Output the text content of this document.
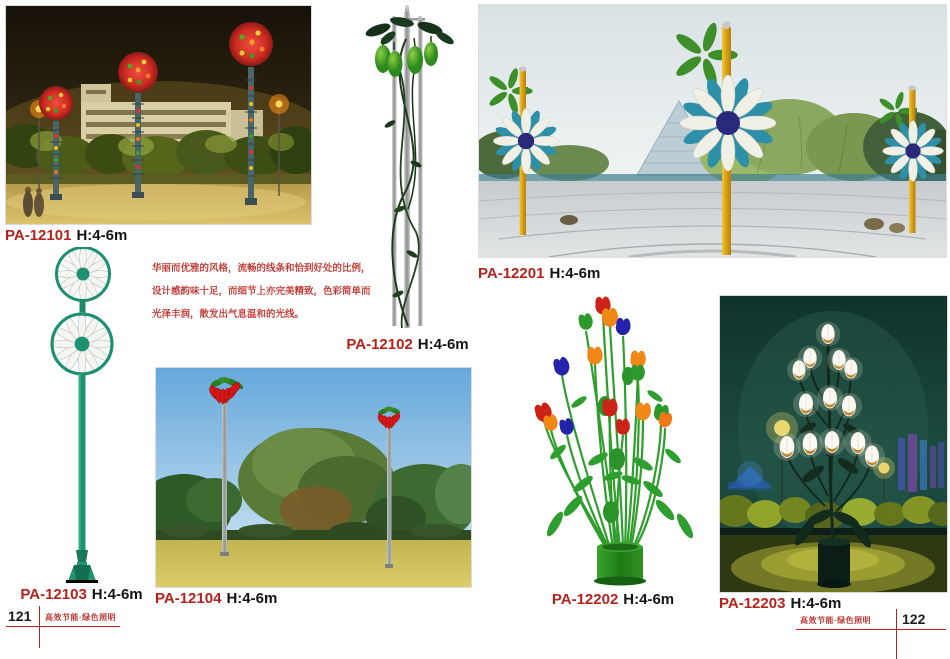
PA-12101 H:4-6m
PA-12102 H:4-6m
PA-12201 H:4-6m
华丽而优雅的风格，流畅的线条和恰到好处的比例，
设计感韵味十足，而细节上亦完美精致，色彩简单而
光泽丰润，散发出气息温和的光线。
PA-12103 H:4-6m PA-12104 H:4-6m	PA-12202 H:4-6m	PA-12203 H:4-6m
121 高效节能·绿色照明	高效节能·绿色照明 122
